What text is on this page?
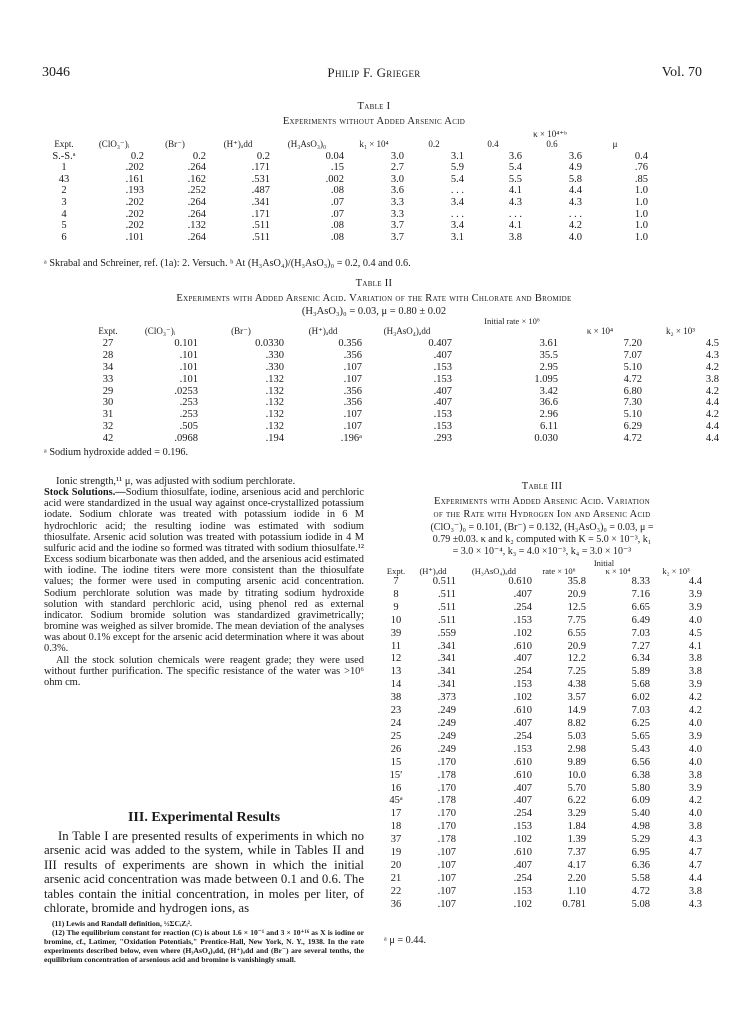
3046	Philip F. Grieger	Vol. 70
Table I
Experiments without Added Arsenic Acid
κ × 10⁴⁺ᵇ
Expt.	(ClO₃⁻)ᵢ	(Br⁻)	(H⁺)ₐdd	(H₃AsO₃)₀	k₁ × 10⁴	0.2	0.4	0.6	μ
S.-S.ᵃ	0.2	0.2	0.2	0.04	3.0	3.1	3.6	3.6	0.4
1	.202	.264	.171	.15	2.7	5.9	5.4	4.9	.76
43	.161	.162	.531	.002	3.0	5.4	5.5	5.8	.85
2	.193	.252	.487	.08	3.6	. . .	4.1	4.4	1.0
3	.202	.264	.341	.07	3.3	3.4	4.3	4.3	1.0
4	.202	.264	.171	.07	3.3	. . .	. . .	. . .	1.0
5	.202	.132	.511	.08	3.7	3.4	4.1	4.2	1.0
6	.101	.264	.511	.08	3.7	3.1	3.8	4.0	1.0
ᵃ Skrabal and Schreiner, ref. (1a): 2. Versuch. ᵇ At (H₃AsO₄)/(H₃AsO₃)₀ = 0.2, 0.4 and 0.6.
Table II
Experiments with Added Arsenic Acid. Variation of the Rate with Chlorate and Bromide
(H₃AsO₃)₀ = 0.03, μ = 0.80 ± 0.02
Initial rate × 10⁶
Expt.	(ClO₃⁻)ᵢ	(Br⁻)	(H⁺)ₐdd	(H₃AsO₄)ₐdd		κ × 10⁴	k₂ × 10³
27	0.101	0.0330	0.356	0.407	3.61	7.20	4.5
28	.101	.330	.356	.407	35.5	7.07	4.3
34	.101	.330	.107	.153	2.95	5.10	4.2
33	.101	.132	.107	.153	1.095	4.72	3.8
29	.0253	.132	.356	.407	3.42	6.80	4.2
30	.253	.132	.356	.407	36.6	7.30	4.4
31	.253	.132	.107	.153	2.96	5.10	4.2
32	.505	.132	.107	.153	6.11	6.29	4.4
42	.0968	.194	.196ᵃ	.293	0.030	4.72	4.4
ᵃ Sodium hydroxide added = 0.196.

Ionic strength,¹¹ μ, was adjusted with sodium perchlorate.

Stock Solutions.—Sodium thiosulfate, iodine, arsenious acid and perchloric acid were standardized in the usual way against once-crystallized potassium iodate. Sodium chlorate was treated with potassium iodide in 6 M hydrochloric acid; the resulting iodine was estimated with sodium thiosulfate. Arsenic acid solution was treated with potassium iodide in 4 M sulfuric acid and the iodine so formed was titrated with sodium thiosulfate.¹² Excess sodium bicarbonate was then added, and the arsenious acid estimated with iodine. The iodine titers were more consistent than the thiosulfate values; the former were used in computing arsenic acid concentration. Sodium perchlorate solution was made by titrating sodium hydroxide solution with standard perchloric acid, using phenol red as external indicator. Sodium bromide solution was standardized gravimetrically; bromine was weighed as silver bromide. The mean deviation of the analyses was about 0.1% except for the arsenic acid determination where it was about 0.3%.

All the stock solution chemicals were reagent grade; they were used without further purification. The specific resistance of the water was >10⁶ ohm cm.

III. Experimental Results

In Table I are presented results of experiments in which no arsenic acid was added to the system, while in Tables II and III results of experiments are shown in which the initial arsenic acid concentration was made between 0.1 and 0.6. The tables contain the initial concentration, in moles per liter, of chlorate, bromide and hydrogen ions, as

(11) Lewis and Randall definition, ½ΣCᵢZᵢ².

(12) The equilibrium constant for reaction (C) is about 1.6 × 10⁻¹ and 3 × 10⁺¹⁶ as X is iodine or bromine, cf., Latimer, "Oxidation Potentials," Prentice-Hall, New York, N. Y., 1938. In the rate experiments described below, even where (H₃AsO₄)ₐdd, (H⁺)ₐdd and (Br⁻) are several tenths, the equilibrium concentration of arsenious acid and bromine is vanishingly small.

Table III
Experiments with Added Arsenic Acid. Variation
of the Rate with Hydrogen Ion and Arsenic Acid
(ClO₃⁻)₀ = 0.101, (Br⁻) = 0.132, (H₃AsO₃)₀ = 0.03, μ =
0.79 ±0.03. κ and k₂ computed with K = 5.0 × 10⁻³, k₁
= 3.0 × 10⁻⁴, k₃ = 4.0 ×10⁻³, k₄ = 3.0 × 10⁻³
Initial
Expt.	(H⁺)ₐdd	(H₃AsO₄)ₐdd	rate × 10⁶	κ × 10⁴	k₂ × 10³
7	0.511	0.610	35.8	8.33	4.4
8	.511	.407	20.9	7.16	3.9
9	.511	.254	12.5	6.65	3.9
10	.511	.153	7.75	6.49	4.0
39	.559	.102	6.55	7.03	4.5
11	.341	.610	20.9	7.27	4.1
12	.341	.407	12.2	6.34	3.8
13	.341	.254	7.25	5.89	3.8
14	.341	.153	4.38	5.68	3.9
38	.373	.102	3.57	6.02	4.2
23	.249	.610	14.9	7.03	4.2
24	.249	.407	8.82	6.25	4.0
25	.249	.254	5.03	5.65	3.9
26	.249	.153	2.98	5.43	4.0
15	.170	.610	9.89	6.56	4.0
15′	.178	.610	10.0	6.38	3.8
16	.170	.407	5.70	5.80	3.9
45ᵃ	.178	.407	6.22	6.09	4.2
17	.170	.254	3.29	5.40	4.0
18	.170	.153	1.84	4.98	3.8
37	.178	.102	1.39	5.29	4.3
19	.107	.610	7.37	6.95	4.7
20	.107	.407	4.17	6.36	4.7
21	.107	.254	2.20	5.58	4.4
22	.107	.153	1.10	4.72	3.8
36	.107	.102	0.781	5.08	4.3
ᵃ μ = 0.44.
